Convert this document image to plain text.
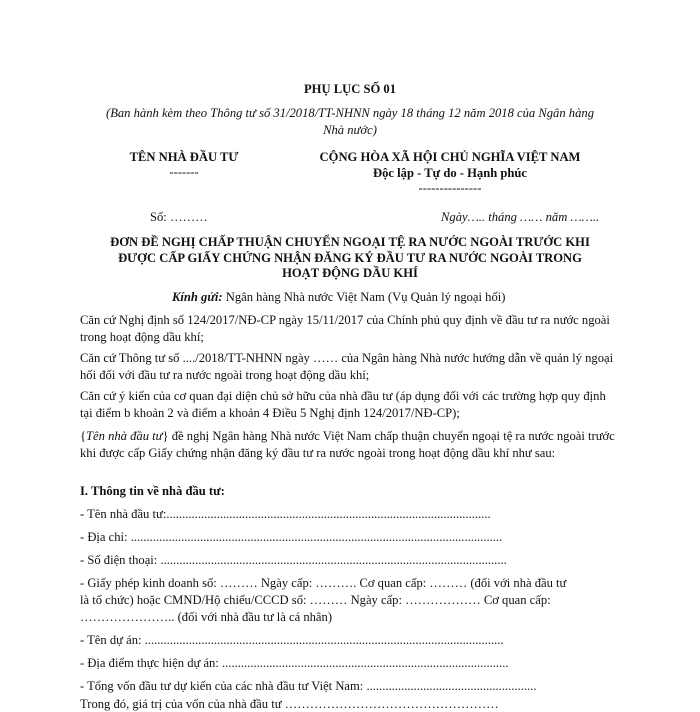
PHỤ LỤC SỐ 01
(Ban hành kèm theo Thông tư số 31/2018/TT-NHNN ngày 18 tháng 12 năm 2018 của Ngân hàng
Nhà nước)
TÊN NHÀ ĐẦU TƯ
-------
CỘNG HÒA XÃ HỘI CHỦ NGHĨA VIỆT NAM
Độc lập - Tự do - Hạnh phúc
---------------
Số: ………	Ngày….. tháng …… năm ……..
ĐƠN ĐỀ NGHỊ CHẤP THUẬN CHUYỂN NGOẠI TỆ RA NƯỚC NGOÀI TRƯỚC KHI
ĐƯỢC CẤP GIẤY CHỨNG NHẬN ĐĂNG KÝ ĐẦU TƯ RA NƯỚC NGOÀI TRONG
HOẠT ĐỘNG DẦU KHÍ
Kính gửi: Ngân hàng Nhà nước Việt Nam (Vụ Quản lý ngoại hối)
Căn cứ Nghị định số 124/2017/NĐ-CP ngày 15/11/2017 của Chính phủ quy định về đầu tư ra nước ngoài trong hoạt động dầu khí;
Căn cứ Thông tư số ..../2018/TT-NHNN ngày …… của Ngân hàng Nhà nước hướng dẫn về quản lý ngoại hối đối với đầu tư ra nước ngoài trong hoạt động dầu khí;
Căn cứ ý kiến của cơ quan đại diện chủ sở hữu của nhà đầu tư (áp dụng đối với các trường hợp quy định tại điểm b khoản 2 và điểm a khoản 4 Điều 5 Nghị định 124/2017/NĐ-CP);
{Tên nhà đầu tư} đề nghị Ngân hàng Nhà nước Việt Nam chấp thuận chuyển ngoại tệ ra nước ngoài trước khi được cấp Giấy chứng nhận đăng ký đầu tư ra nước ngoài trong hoạt động dầu khí như sau:
I. Thông tin về nhà đầu tư:
- Tên nhà đầu tư:.......................................................................................................
- Địa chỉ: ......................................................................................................................
- Số điện thoại: ..............................................................................................................
- Giấy phép kinh doanh số: ……… Ngày cấp: ………. Cơ quan cấp: ……… (đối với nhà đầu tư
là tổ chức) hoặc CMND/Hộ chiếu/CCCD số: ……… Ngày cấp: ……………… Cơ quan cấp:
………………….. (đối với nhà đầu tư là cá nhân)
- Tên dự án: ..................................................................................................................
- Địa điểm thực hiện dự án: ...........................................................................................
- Tổng vốn đầu tư dự kiến của các nhà đầu tư Việt Nam: ......................................................
Trong đó, giá trị của vốn của nhà đầu tư ……………………………………………
